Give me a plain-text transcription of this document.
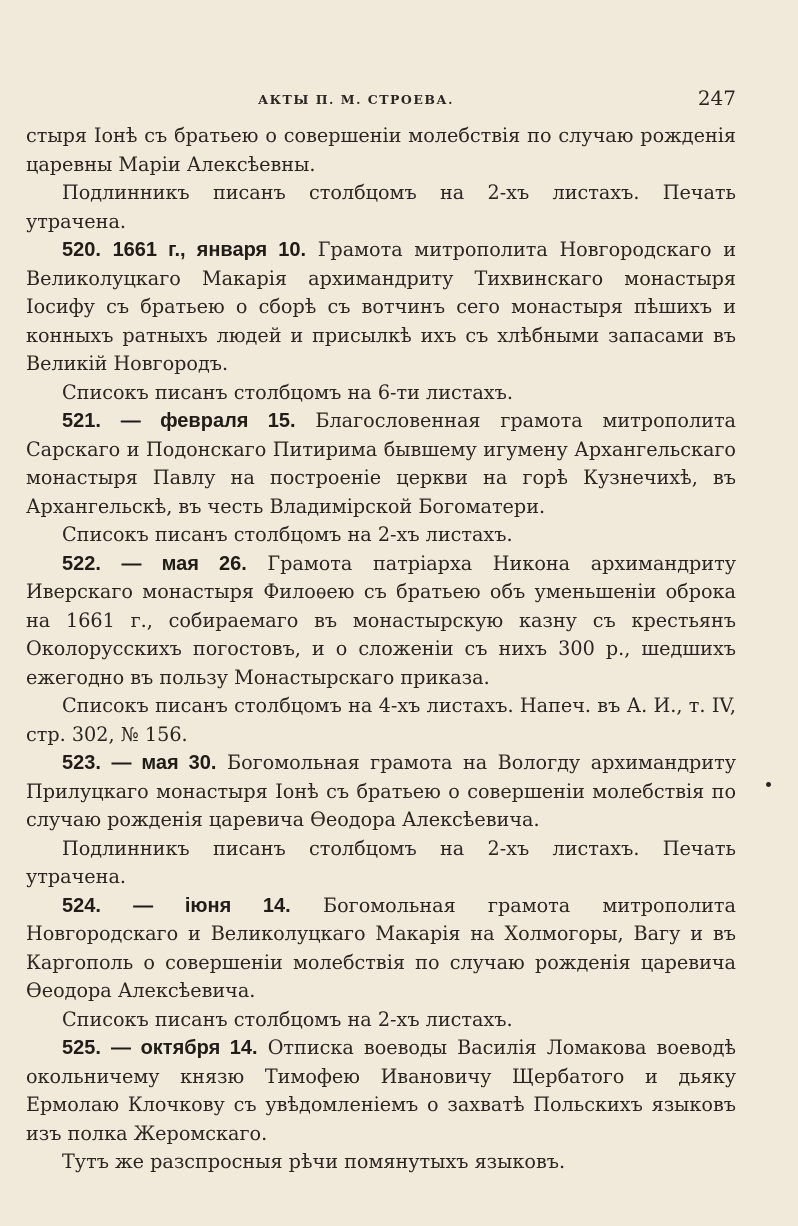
АКТЫ П. М. СТРОЕВА.	247

стыря Іонѣ съ братьею о совершеніи молебствія по случаю рожденія царевны Маріи Алексѣевны.

Подлинникъ писанъ столбцомъ на 2-хъ листахъ. Печать утрачена.

520. 1661 г., января 10. Грамота митрополита Новгородскаго и Великолуцкаго Макарія архимандриту Тихвинскаго монастыря Іосифу съ братьею о сборѣ съ вотчинъ сего монастыря пѣшихъ и конныхъ ратныхъ людей и присылкѣ ихъ съ хлѣбными запасами въ Великій Новгородъ.

Списокъ писанъ столбцомъ на 6-ти листахъ.

521. — февраля 15. Благословенная грамота митрополита Сарскаго и Подонскаго Питирима бывшему игумену Архангельскаго монастыря Павлу на построеніе церкви на горѣ Кузнечихѣ, въ Архангельскѣ, въ честь Владимірской Богоматери.

Списокъ писанъ столбцомъ на 2-хъ листахъ.

522. — мая 26. Грамота патріарха Никона архимандриту Иверскаго монастыря Филоѳею съ братьею объ уменьшеніи оброка на 1661 г., собираемаго въ монастырскую казну съ крестьянъ Околорусскихъ погостовъ, и о сложеніи съ нихъ 300 р., шедшихъ ежегодно въ пользу Монастырскаго приказа.

Списокъ писанъ столбцомъ на 4-хъ листахъ. Напеч. въ А. И., т. IV, стр. 302, № 156.

523. — мая 30. Богомольная грамота на Вологду архимандриту Прилуцкаго монастыря Іонѣ съ братьею о совершеніи молебствія по случаю рожденія царевича Ѳеодора Алексѣевича.

Подлинникъ писанъ столбцомъ на 2-хъ листахъ. Печать утрачена.

524. — іюня 14. Богомольная грамота митрополита Новгородскаго и Великолуцкаго Макарія на Холмогоры, Вагу и въ Каргополь о совершеніи молебствія по случаю рожденія царевича Ѳеодора Алексѣевича.

Списокъ писанъ столбцомъ на 2-хъ листахъ.

525. — октября 14. Отписка воеводы Василія Ломакова воеводѣ окольничему князю Тимофею Ивановичу Щербатого и дьяку Ермолаю Клочкову съ увѣдомленіемъ о захватѣ Польскихъ языковъ изъ полка Жеромскаго.

Тутъ же разспросныя рѣчи помянутыхъ языковъ.
